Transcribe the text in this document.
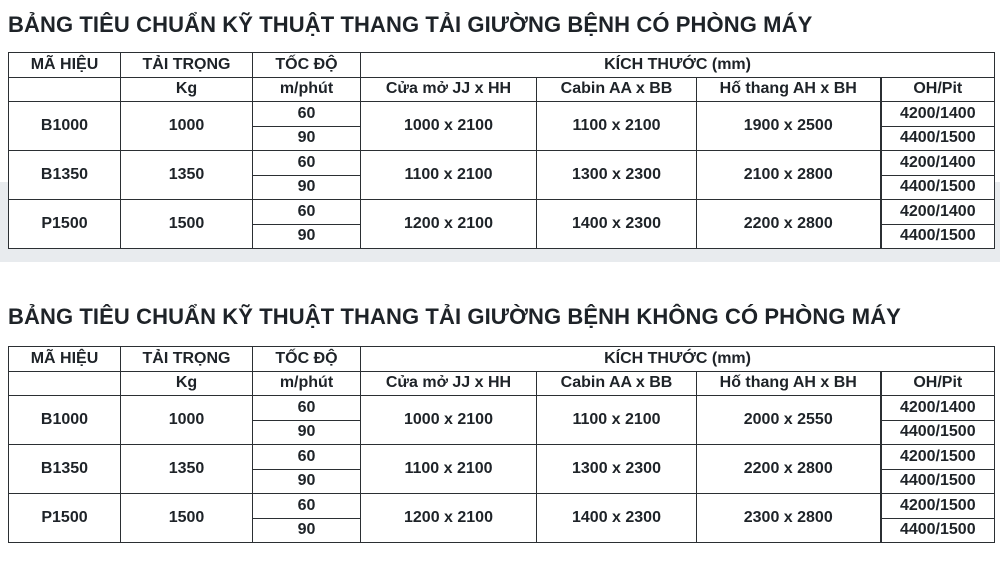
BẢNG TIÊU CHUẨN KỸ THUẬT THANG TẢI GIƯỜNG BỆNH CÓ PHÒNG MÁY
MÃ HIỆU	TẢI TRỌNG	TỐC ĐỘ	KÍCH THƯỚC (mm)			
	Kg	m/phút	Cửa mở JJ x HH	Cabin AA x BB	Hố thang AH x BH	OH/Pit
B1000	1000	60	1000 x 2100	1100 x 2100	1900 x 2500	4200/1400
		90				4400/1500
B1350	1350	60	1100 x 2100	1300 x 2300	2100 x 2800	4200/1400
		90				4400/1500
P1500	1500	60	1200 x 2100	1400 x 2300	2200 x 2800	4200/1400
		90				4400/1500
BẢNG TIÊU CHUẨN KỸ THUẬT THANG TẢI GIƯỜNG BỆNH KHÔNG CÓ PHÒNG MÁY
MÃ HIỆU	TẢI TRỌNG	TỐC ĐỘ	KÍCH THƯỚC (mm)			
	Kg	m/phút	Cửa mở JJ x HH	Cabin AA x BB	Hố thang AH x BH	OH/Pit
B1000	1000	60	1000 x 2100	1100 x 2100	2000 x 2550	4200/1400
		90				4400/1500
B1350	1350	60	1100 x 2100	1300 x 2300	2200 x 2800	4200/1500
		90				4400/1500
P1500	1500	60	1200 x 2100	1400 x 2300	2300 x 2800	4200/1500
		90				4400/1500
